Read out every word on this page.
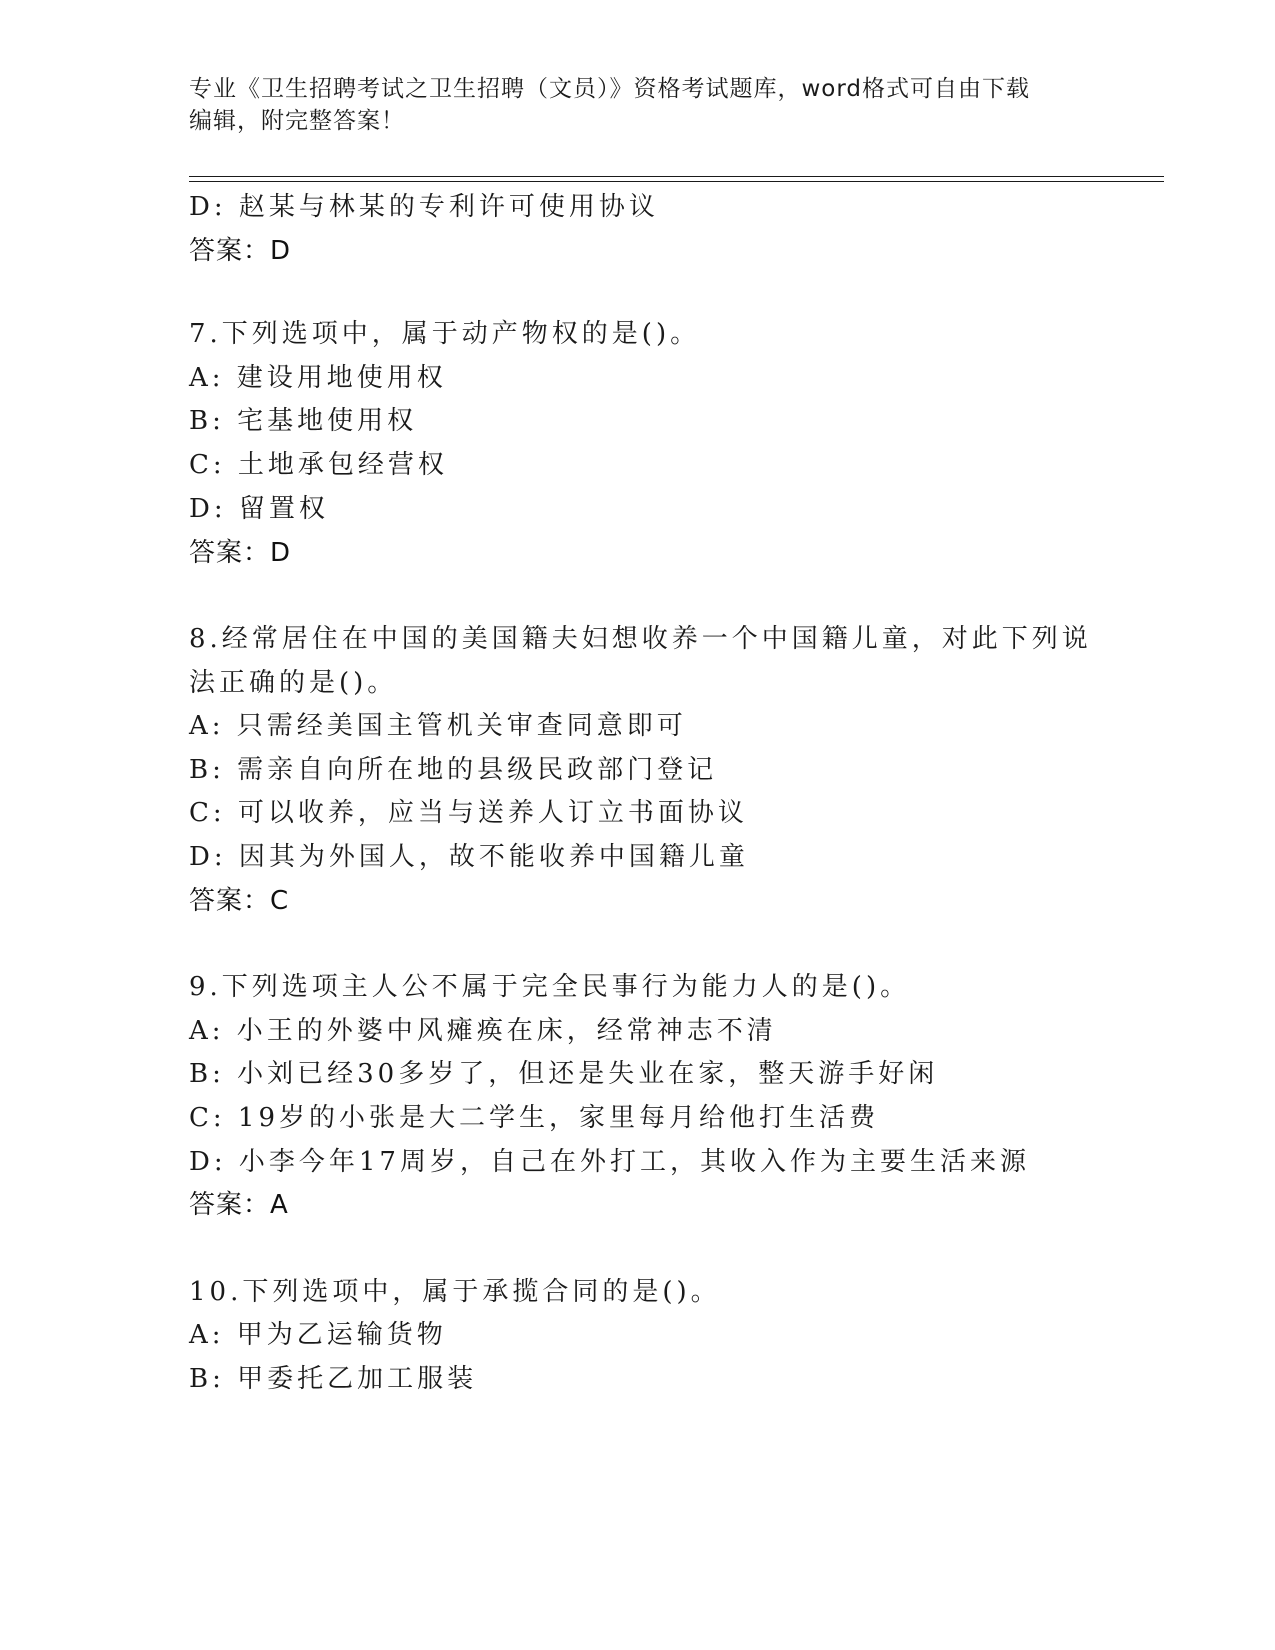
专业《卫生招聘考试之卫生招聘（文员）》资格考试题库，word格式可自由下载
编辑，附完整答案！
D: 赵某与林某的专利许可使用协议
答案：D
7.下列选项中，属于动产物权的是()。
A: 建设用地使用权
B: 宅基地使用权
C: 土地承包经营权
D: 留置权
答案：D
8.经常居住在中国的美国籍夫妇想收养一个中国籍儿童，对此下列说
法正确的是()。
A: 只需经美国主管机关审查同意即可
B: 需亲自向所在地的县级民政部门登记
C: 可以收养，应当与送养人订立书面协议
D: 因其为外国人，故不能收养中国籍儿童
答案：C
9.下列选项主人公不属于完全民事行为能力人的是()。
A: 小王的外婆中风瘫痪在床，经常神志不清
B: 小刘已经30多岁了，但还是失业在家，整天游手好闲
C: 19岁的小张是大二学生，家里每月给他打生活费
D: 小李今年17周岁，自己在外打工，其收入作为主要生活来源
答案：A
10.下列选项中，属于承揽合同的是()。
A: 甲为乙运输货物
B: 甲委托乙加工服装
